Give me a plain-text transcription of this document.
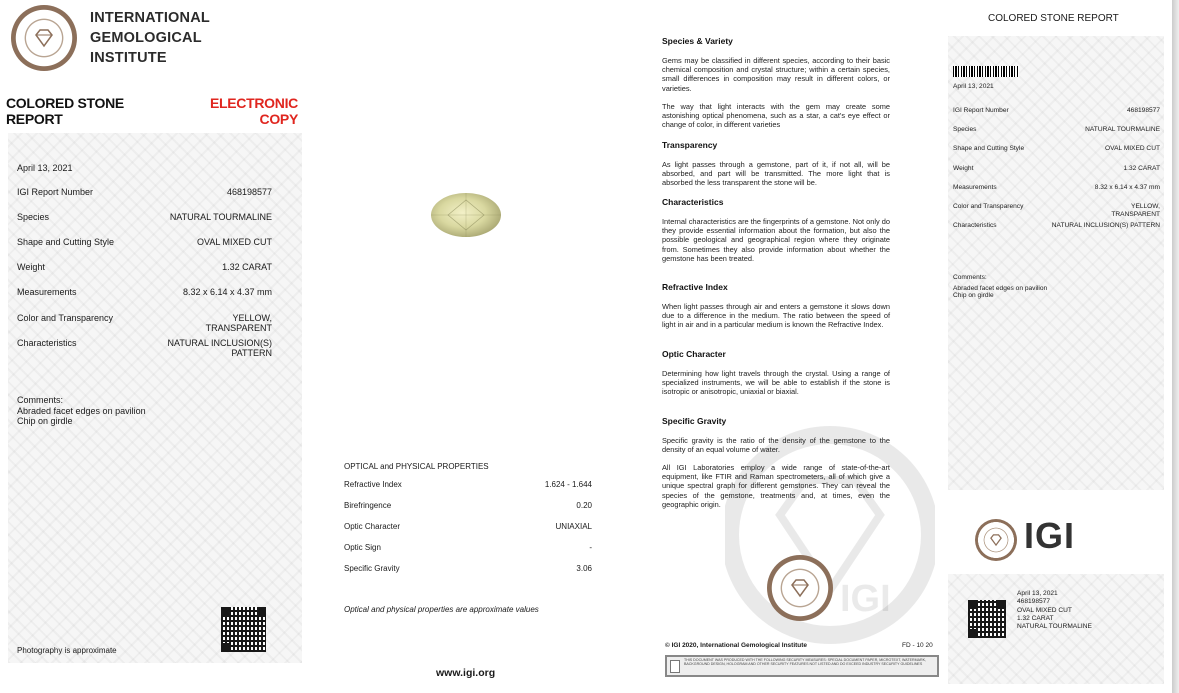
INTERNATIONAL
GEMOLOGICAL
INSTITUTE
COLORED STONE
REPORT
ELECTRONIC
COPY
April 13, 2021
IGI Report Number	468198577
Species	NATURAL TOURMALINE
Shape and Cutting Style	OVAL MIXED CUT
Weight	1.32 CARAT
Measurements	8.32 x 6.14 x 4.37 mm
Color and Transparency	YELLOW,
TRANSPARENT
Characteristics	NATURAL INCLUSION(S)
PATTERN
Comments:
Abraded facet edges on pavilion
Chip on girdle
Photography is approximate
OPTICAL and PHYSICAL PROPERTIES
Refractive Index	1.624 - 1.644
Birefringence	0.20
Optic Character	UNIAXIAL
Optic Sign	-
Specific Gravity	3.06
Optical and physical properties are approximate values
www.igi.org
Species & Variety
Gems may be classified in different species, according to their basic chemical composition and crystal structure; within a certain species, small differences in composition may result in different colors, or varieties.
The way that light interacts with the gem may create some astonishing optical phenomena, such as a star, a cat's eye effect or change of color, in different varieties
Transparency
As light passes through a gemstone, part of it, if not all, will be absorbed, and part will be transmitted. The more light that is absorbed the less transparent the stone will be.
Characteristics
Internal characteristics are the fingerprints of a gemstone. Not only do they provide essential information about the formation, but also the possible geological and geographical region where they originate from. Sometimes they also provide information about whether the gemstone has been treated.
Refractive Index
When light passes through air and enters a gemstone it slows down due to a difference in the medium. The ratio between the speed of light in air and in a particular medium is known the Refractive Index.
Optic Character
Determining how light travels through the crystal. Using a range of specialized instruments, we will be able to establish if the stone is isotropic or anisotropic, uniaxial or biaxial.
Specific Gravity
Specific gravity is the ratio of the density of the gemstone to the density of an equal volume of water.
All IGI Laboratories employ a wide range of state-of-the-art equipment, like FTIR and Raman spectrometers, all of which give a unique spectral graph for different gemstones. They can reveal the species of the gemstone, treatments and, at times, even the geographic origin.
IGI
© IGI 2020, International Gemological Institute	FD - 10 20
THIS DOCUMENT WAS PRODUCED WITH THE FOLLOWING SECURITY MEASURES: SPECIAL DOCUMENT PAPER, MICROTEXT, WATERMARK, BACKGROUND DESIGN, HOLOGRAM AND OTHER SECURITY FEATURES NOT LISTED AND DO EXCEED INDUSTRY SECURITY GUIDELINES
COLORED STONE REPORT
April 13, 2021
IGI Report Number	468198577
Species	NATURAL TOURMALINE
Shape and Cutting Style	OVAL MIXED CUT
Weight	1.32 CARAT
Measurements	8.32 x 6.14 x 4.37 mm
Color and Transparency	YELLOW,
TRANSPARENT
Characteristics	NATURAL INCLUSION(S) PATTERN
Comments:
Abraded facet edges on pavilion
Chip on girdle
IGI
April 13, 2021
468198577
OVAL MIXED CUT
1.32 CARAT
NATURAL TOURMALINE
